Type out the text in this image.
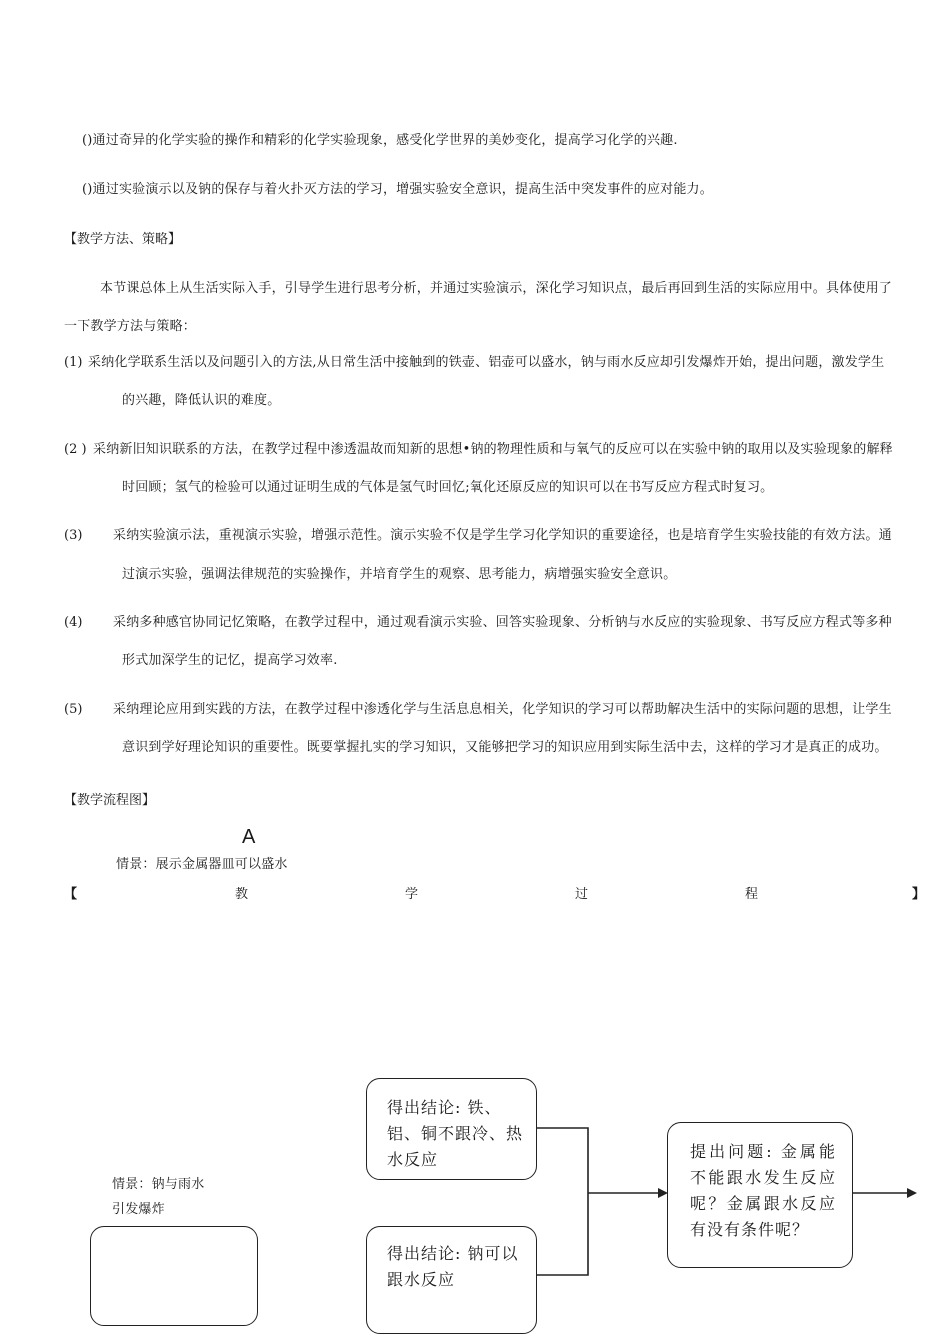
()通过奇异的化学实验的操作和精彩的化学实验现象，感受化学世界的美妙变化，提高学习化学的兴趣.
()通过实验演示以及钠的保存与着火扑灭方法的学习，增强实验安全意识，提高生活中突发事件的应对能力。
【教学方法、策略】
本节课总体上从生活实际入手，引导学生进行思考分析，并通过实验演示，深化学习知识点，最后再回到生活的实际应用中。具体使用了
一下教学方法与策略：
(1) 采纳化学联系生活以及问题引入的方法,从日常生活中接触到的铁壶、铝壶可以盛水，钠与雨水反应却引发爆炸开始，提出问题，激发学生
的兴趣，降低认识的难度。
(2 ) 采纳新旧知识联系的方法，在教学过程中渗透温故而知新的思想•钠的物理性质和与氧气的反应可以在实验中钠的取用以及实验现象的解释
时回顾；氢气的检验可以通过证明生成的气体是氢气时回忆;氧化还原反应的知识可以在书写反应方程式时复习。
(3) 采纳实验演示法，重视演示实验，增强示范性。演示实验不仅是学生学习化学知识的重要途径，也是培育学生实验技能的有效方法。通
过演示实验，强调法律规范的实验操作，并培育学生的观察、思考能力，病增强实验安全意识。
(4) 采纳多种感官协同记忆策略，在教学过程中，通过观看演示实验、回答实验现象、分析钠与水反应的实验现象、书写反应方程式等多种
形式加深学生的记忆，提高学习效率.
(5) 采纳理论应用到实践的方法，在教学过程中渗透化学与生活息息相关，化学知识的学习可以帮助解决生活中的实际问题的思想，让学生
意识到学好理论知识的重要性。既要掌握扎实的学习知识，又能够把学习的知识应用到实际生活中去，这样的学习才是真正的成功。
【教学流程图】
A
情景：展示金属器皿可以盛水
【	教	学	过	程	】
情景：钠与雨水
引发爆炸
得出结论: 铁、铝、铜不跟冷、热水反应
得出结论: 钠可以跟水反应
提出问题: 金属能不能跟水发生反应呢？金属跟水反应有没有条件呢？
